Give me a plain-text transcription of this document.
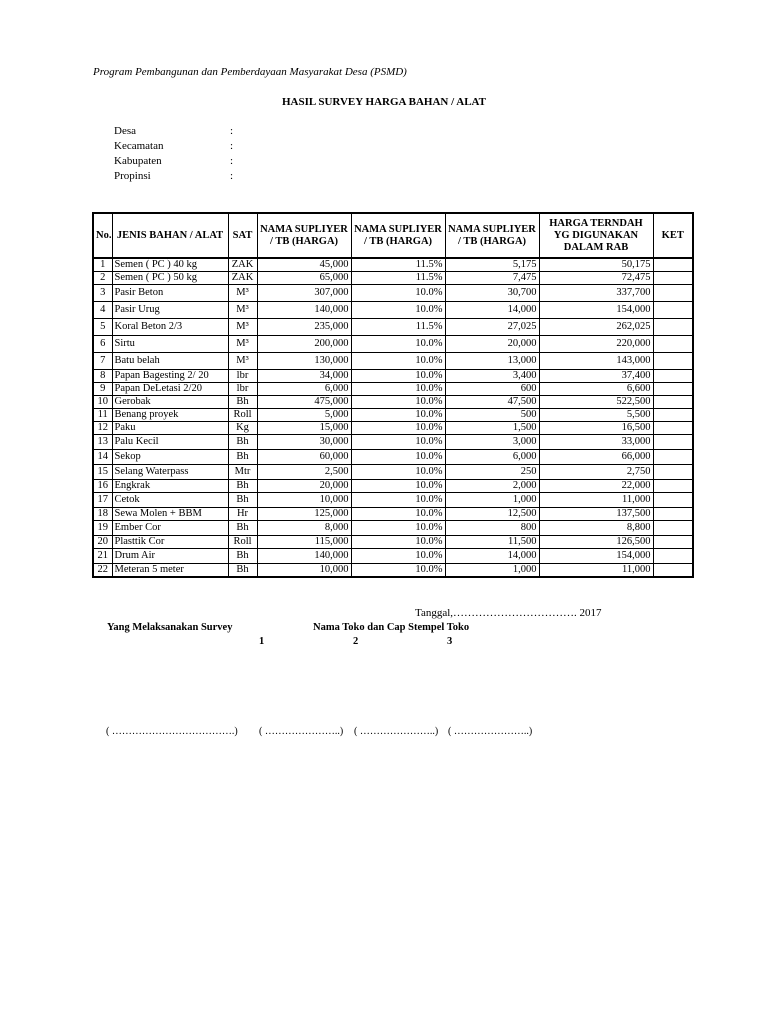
Program Pembangunan dan Pemberdayaan Masyarakat Desa (PSMD)
HASIL SURVEY HARGA BAHAN / ALAT
Desa	:
Kecamatan	:
Kabupaten	:
Propinsi	:
No.	JENIS BAHAN / ALAT	SAT	NAMA SUPLIYER / TB (HARGA)	NAMA SUPLIYER / TB (HARGA)	NAMA SUPLIYER / TB (HARGA)	HARGA TERNDAH YG DIGUNAKAN DALAM RAB	KET
1	Semen ( PC ) 40 kg	ZAK	45,000	11.5%	5,175	50,175	
2	Semen ( PC ) 50 kg	ZAK	65,000	11.5%	7,475	72,475	
3	Pasir Beton	M³	307,000	10.0%	30,700	337,700	
4	Pasir Urug	M³	140,000	10.0%	14,000	154,000	
5	Koral Beton 2/3	M³	235,000	11.5%	27,025	262,025	
6	Sirtu	M³	200,000	10.0%	20,000	220,000	
7	Batu belah	M³	130,000	10.0%	13,000	143,000	
8	Papan Bagesting 2/ 20	lbr	34,000	10.0%	3,400	37,400	
9	Papan DeLetasi 2/20	lbr	6,000	10.0%	600	6,600	
10	Gerobak	Bh	475,000	10.0%	47,500	522,500	
11	Benang proyek	Roll	5,000	10.0%	500	5,500	
12	Paku	Kg	15,000	10.0%	1,500	16,500	
13	Palu Kecil	Bh	30,000	10.0%	3,000	33,000	
14	Sekop	Bh	60,000	10.0%	6,000	66,000	
15	Selang Waterpass	Mtr	2,500	10.0%	250	2,750	
16	Engkrak	Bh	20,000	10.0%	2,000	22,000	
17	Cetok	Bh	10,000	10.0%	1,000	11,000	
18	Sewa Molen + BBM	Hr	125,000	10.0%	12,500	137,500	
19	Ember Cor	Bh	8,000	10.0%	800	8,800	
20	Plasttik Cor	Roll	115,000	10.0%	11,500	126,500	
21	Drum Air	Bh	140,000	10.0%	14,000	154,000	
22	Meteran 5 meter	Bh	10,000	10.0%	1,000	11,000	
Tanggal,……………………………. 2017
Yang Melaksanakan Survey	Nama Toko dan Cap Stempel Toko
1	2	3
( ……………………………….) ( …………………..) ( …………………..) ( …………………..)
